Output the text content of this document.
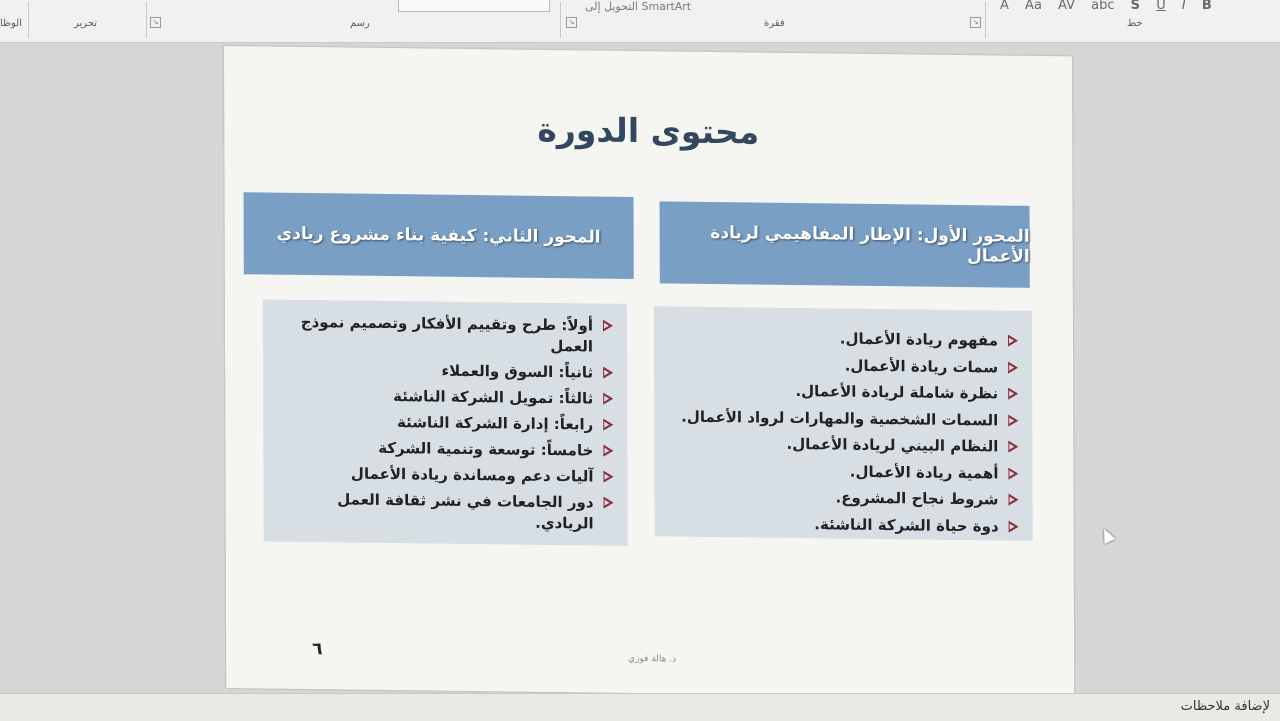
الوظا	تحرير	↘	رسم	↘
التحويل إلى SmartArt
فقرة	↘
A Aa AV abc S U I B
خط
محتوى الدورة
المحور الثاني: كيفية بناء مشروع ريادي	المحور الأول: الإطار المفاهيمي لريادة الأعمال
أولاً: طرح وتقييم الأفكار وتصميم نموذج العمل
ثانياً: السوق والعملاء
ثالثاً: تمويل الشركة الناشئة
رابعاً: إدارة الشركة الناشئة
خامساً: توسعة وتنمية الشركة
آليات دعم ومساندة ريادة الأعمال
دور الجامعات في نشر ثقافة العمل الريادي.
مفهوم ريادة الأعمال.
سمات ريادة الأعمال.
نظرة شاملة لريادة الأعمال.
السمات الشخصية والمهارات لرواد الأعمال.
النظام البيني لريادة الأعمال.
أهمية ريادة الأعمال.
شروط نجاح المشروع.
دوة حياة الشركة الناشئة.
٦
د. هالة فوزي
لإضافة ملاحظات
